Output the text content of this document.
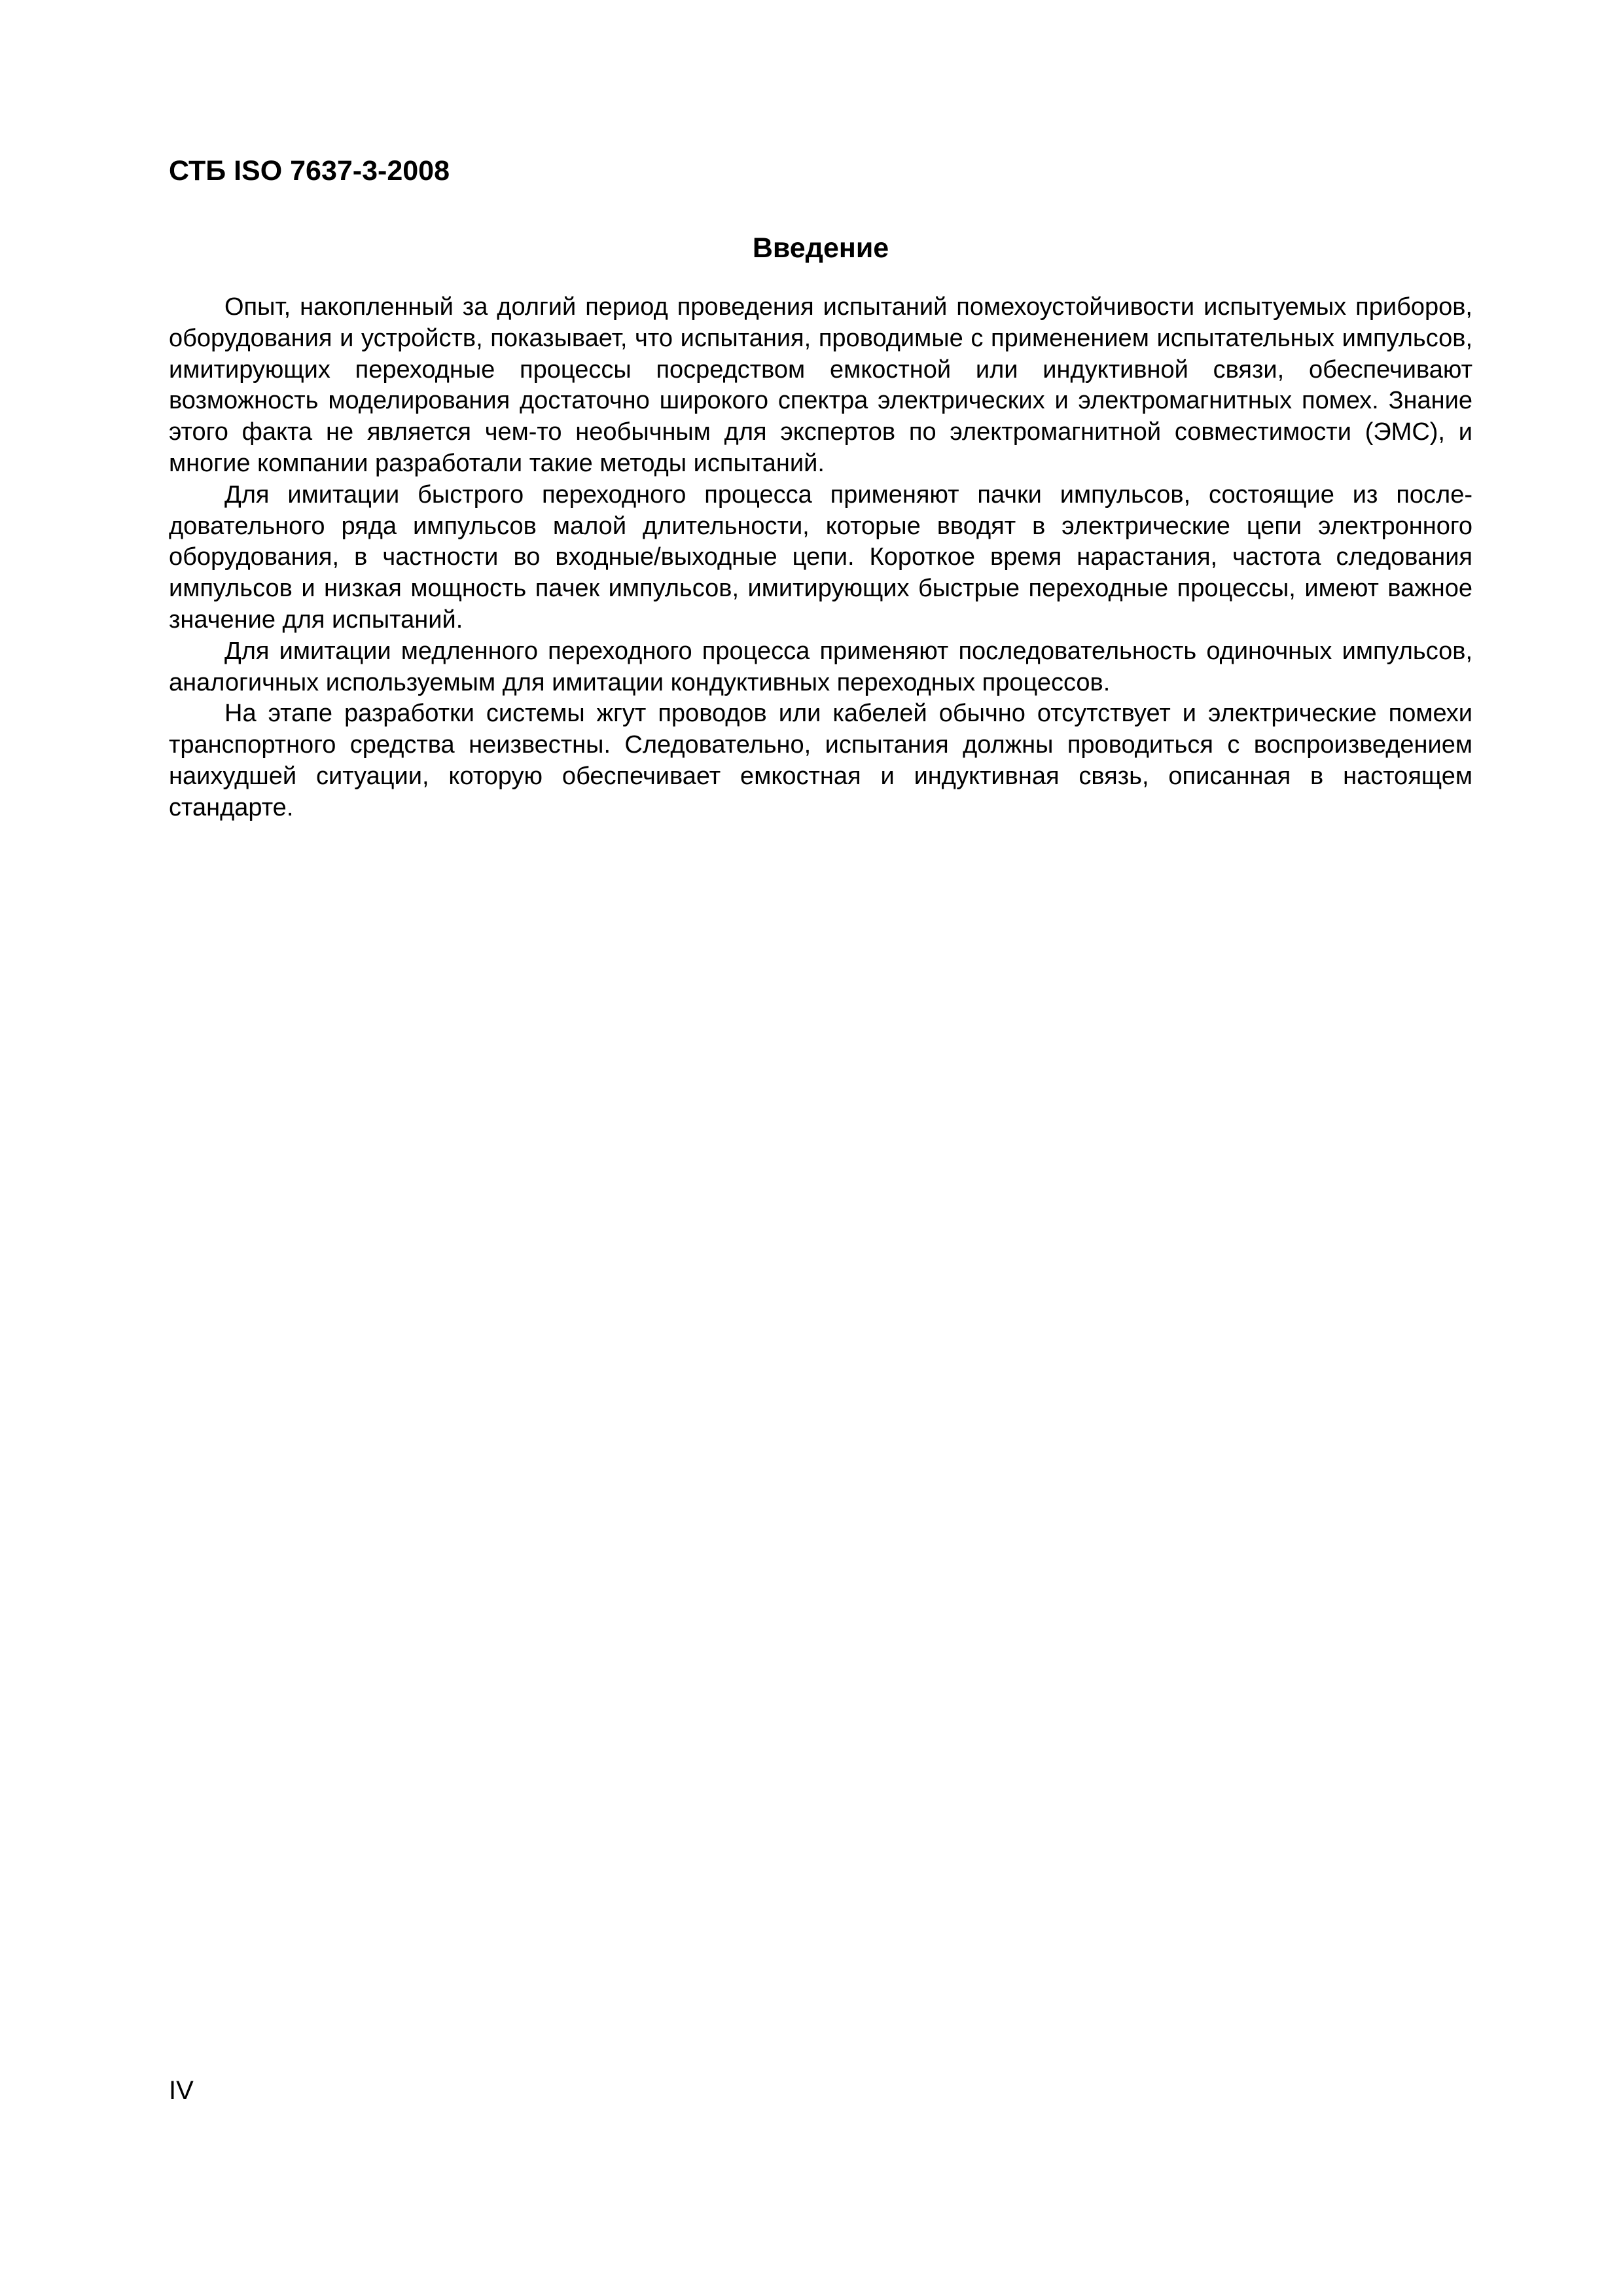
СТБ ISO 7637-3-2008
Введение

Опыт, накопленный за долгий период проведения испытаний помехоустойчивости испытуемых приборов, оборудования и устройств, показывает, что испытания, проводимые с применением испытательных импульсов, имитирующих переходные процессы посредством емкостной или индуктивной связи, обеспечивают возможность моделирования достаточно широкого спектра электрических и электромагнитных помех. Знание этого факта не является чем-то необычным для экспертов по электромагнитной совместимости (ЭМС), и многие компании разработали такие методы испытаний.

Для имитации быстрого переходного процесса применяют пачки импульсов, состоящие из последовательного ряда импульсов малой длительности, которые вводят в электрические цепи электронного оборудования, в частности во входные/выходные цепи. Короткое время нарастания, частота следования импульсов и низкая мощность пачек импульсов, имитирующих быстрые переходные процессы, имеют важное значение для испытаний.

Для имитации медленного переходного процесса применяют последовательность одиночных импульсов, аналогичных используемым для имитации кондуктивных переходных процессов.

На этапе разработки системы жгут проводов или кабелей обычно отсутствует и электрические помехи транспортного средства неизвестны. Следовательно, испытания должны проводиться с воспроизведением наихудшей ситуации, которую обеспечивает емкостная и индуктивная связь, описанная в настоящем стандарте.

IV
